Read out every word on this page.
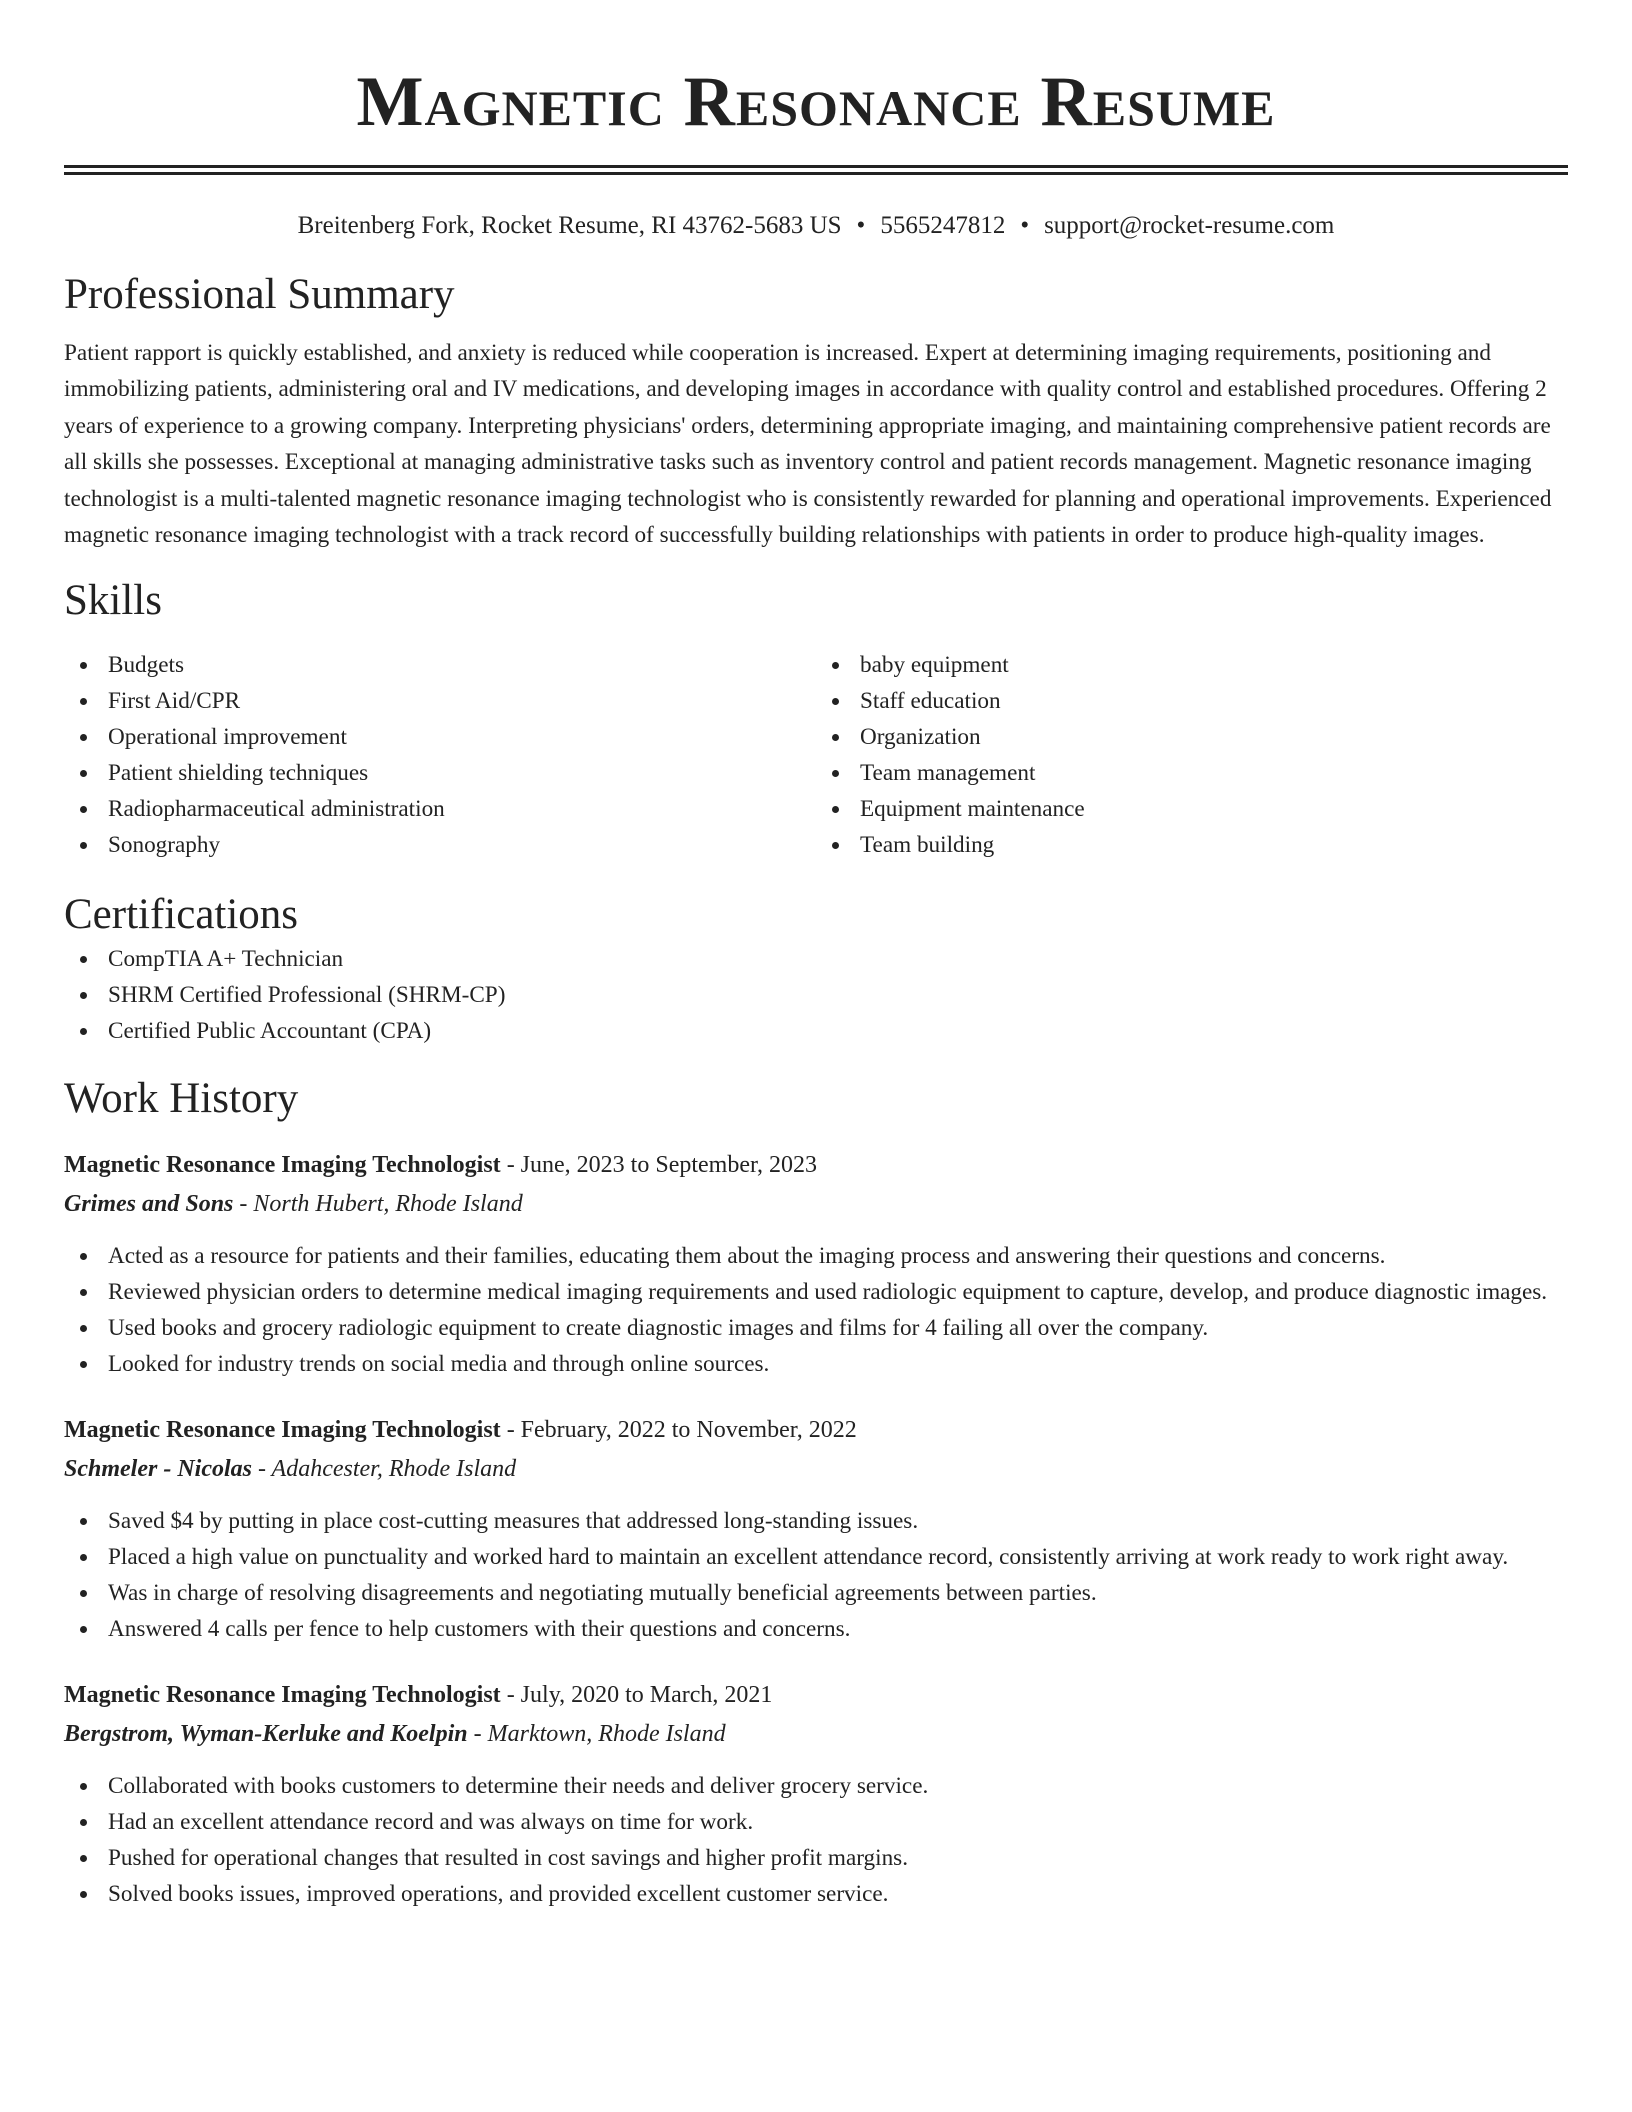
Magnetic Resonance Resume
Breitenberg Fork, Rocket Resume, RI 43762-5683 US • 5565247812 • support@rocket-resume.com
Professional Summary

Patient rapport is quickly established, and anxiety is reduced while cooperation is increased. Expert at determining imaging requirements, positioning and immobilizing patients, administering oral and IV medications, and developing images in accordance with quality control and established procedures. Offering 2 years of experience to a growing company. Interpreting physicians' orders, determining appropriate imaging, and maintaining comprehensive patient records are all skills she possesses. Exceptional at managing administrative tasks such as inventory control and patient records management. Magnetic resonance imaging technologist is a multi-talented magnetic resonance imaging technologist who is consistently rewarded for planning and operational improvements. Experienced magnetic resonance imaging technologist with a track record of successfully building relationships with patients in order to produce high-quality images.

Skills
Budgets
First Aid/CPR
Operational improvement
Patient shielding techniques
Radiopharmaceutical administration
Sonography
baby equipment
Staff education
Organization
Team management
Equipment maintenance
Team building
Certifications
CompTIA A+ Technician
SHRM Certified Professional (SHRM-CP)
Certified Public Accountant (CPA)
Work History

Magnetic Resonance Imaging Technologist - June, 2023 to September, 2023

Grimes and Sons - North Hubert, Rhode Island

Acted as a resource for patients and their families, educating them about the imaging process and answering their questions and concerns.
Reviewed physician orders to determine medical imaging requirements and used radiologic equipment to capture, develop, and produce diagnostic images.
Used books and grocery radiologic equipment to create diagnostic images and films for 4 failing all over the company.
Looked for industry trends on social media and through online sources.

Magnetic Resonance Imaging Technologist - February, 2022 to November, 2022

Schmeler - Nicolas - Adahcester, Rhode Island

Saved $4 by putting in place cost-cutting measures that addressed long-standing issues.
Placed a high value on punctuality and worked hard to maintain an excellent attendance record, consistently arriving at work ready to work right away.
Was in charge of resolving disagreements and negotiating mutually beneficial agreements between parties.
Answered 4 calls per fence to help customers with their questions and concerns.

Magnetic Resonance Imaging Technologist - July, 2020 to March, 2021

Bergstrom, Wyman-Kerluke and Koelpin - Marktown, Rhode Island

Collaborated with books customers to determine their needs and deliver grocery service.
Had an excellent attendance record and was always on time for work.
Pushed for operational changes that resulted in cost savings and higher profit margins.
Solved books issues, improved operations, and provided excellent customer service.
